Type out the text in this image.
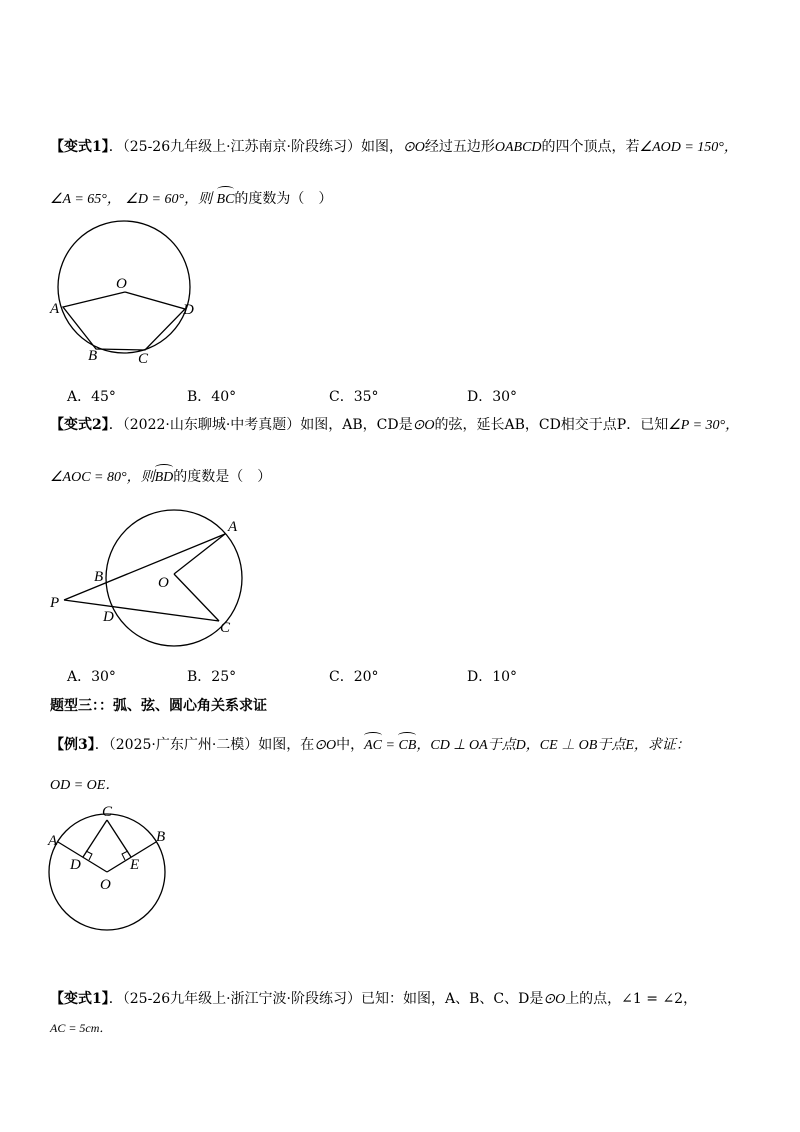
【变式1】．（25-26九年级上·江苏南京·阶段练习）如图，⊙O经过五边形OABCD的四个顶点，若∠AOD = 150°，
∠A = 65°， ∠D = 60°，则 BC的度数为（　）
O
A
B	C
D
A．45°	B．40°	C．35°	D．30°
【变式2】．（2022·山东聊城·中考真题）如图，AB，CD是⊙O的弦，延长AB，CD相交于点P．已知∠P = 30°，
∠AOC = 80°，则BD的度数是（　）
A
B	O
P
D
C
A．30°	B．25°	C．20°	D．10°
题型三：：弧、弦、圆心角关系求证
【例3】．（2025·广东广州·二模）如图，在⊙O中，AC = CB，CD ⊥ OA于点D，CE ⊥ OB于点E，求证：
OD = OE．
C
A	B
D	E
O
【变式1】．（25-26九年级上·浙江宁波·阶段练习）已知：如图，A、B、C、D是⊙O上的点，∠1 = ∠2，
AC = 5cm．
